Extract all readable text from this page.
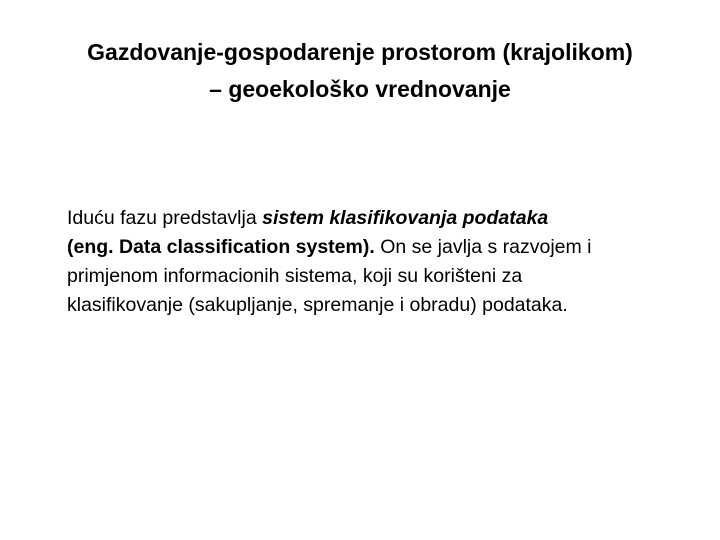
Gazdovanje-gospodarenje prostorom (krajolikom)
– geoekološko vrednovanje
Iduću fazu predstavlja sistem klasifikovanja podataka
(eng. Data classification system). On se javlja s razvojem i
primjenom informacionih sistema, koji su korišteni za
klasifikovanje (sakupljanje, spremanje i obradu) podataka.
